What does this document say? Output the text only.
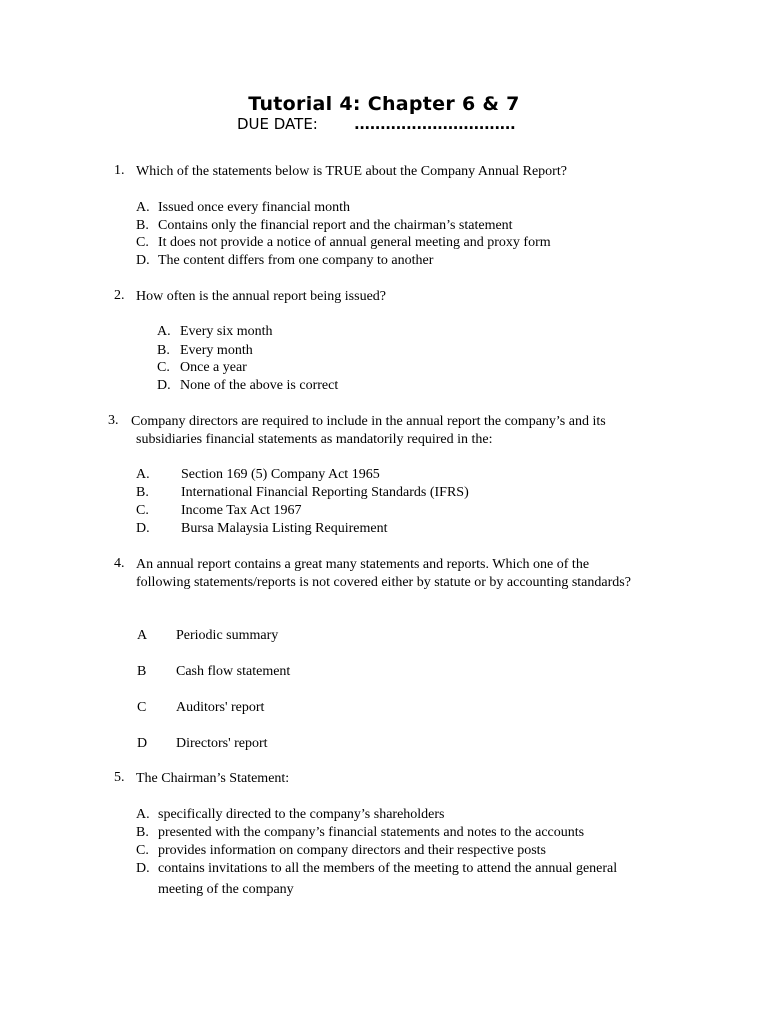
Tutorial 4: Chapter 6 & 7
DUE DATE: ...............................
1. Which of the statements below is TRUE about the Company Annual Report?
A. Issued once every financial month
B. Contains only the financial report and the chairman’s statement
C. It does not provide a notice of annual general meeting and proxy form
D. The content differs from one company to another
2. How often is the annual report being issued?
A. Every six month
B. Every month
C. Once a year
D. None of the above is correct
3. Company directors are required to include in the annual report the company’s and its
subsidiaries financial statements as mandatorily required in the:
A. Section 169 (5) Company Act 1965
B. International Financial Reporting Standards (IFRS)
C. Income Tax Act 1967
D. Bursa Malaysia Listing Requirement
4. An annual report contains a great many statements and reports. Which one of the
following statements/reports is not covered either by statute or by accounting standards?
A Periodic summary
B Cash flow statement
C Auditors' report
D Directors' report
5. The Chairman’s Statement:
A. specifically directed to the company’s shareholders
B. presented with the company’s financial statements and notes to the accounts
C. provides information on company directors and their respective posts
D. contains invitations to all the members of the meeting to attend the annual general
meeting of the company
